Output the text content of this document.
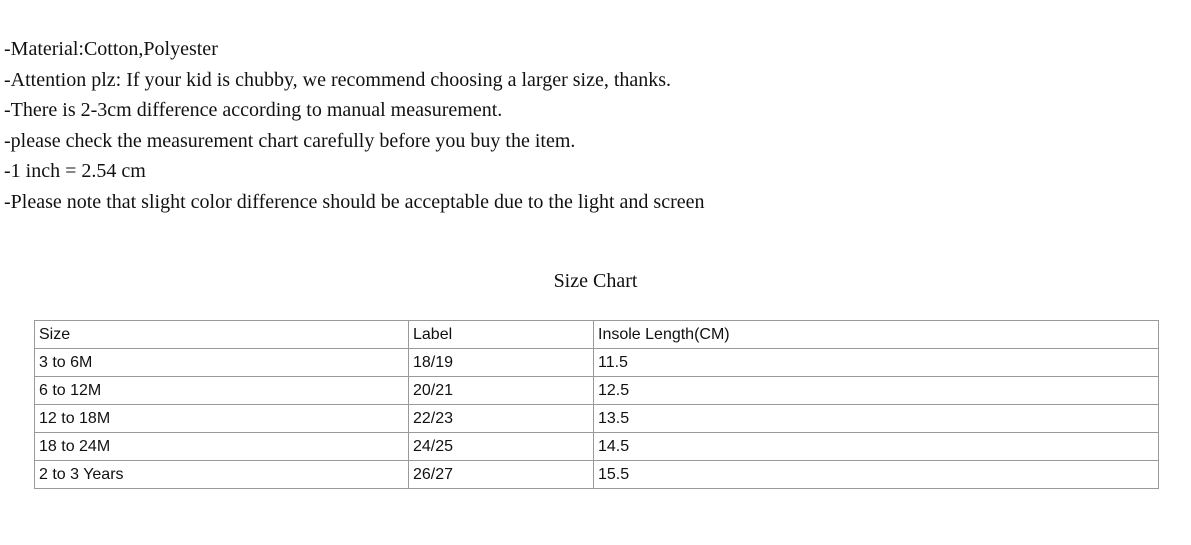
-Material:Cotton,Polyester
-Attention plz: If your kid is chubby, we recommend choosing a larger size, thanks.
-There is 2-3cm difference according to manual measurement.
-please check the measurement chart carefully before you buy the item.
-1 inch = 2.54 cm
-Please note that slight color difference should be acceptable due to the light and screen
Size Chart
Size	Label	Insole Length(CM)
3 to 6M	18/19	11.5
6 to 12M	20/21	12.5
12 to 18M	22/23	13.5
18 to 24M	24/25	14.5
2 to 3 Years	26/27	15.5
